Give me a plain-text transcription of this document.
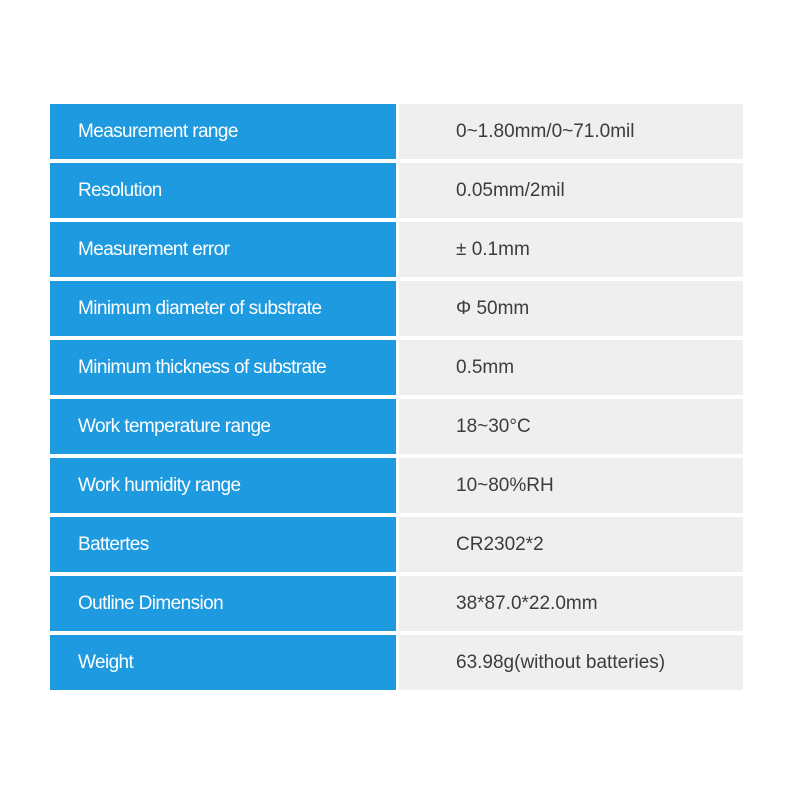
Measurement range	0~1.80mm/0~71.0mil
Resolution	0.05mm/2mil
Measurement error	± 0.1mm
Minimum diameter of substrate	Φ 50mm
Minimum thickness of substrate	0.5mm
Work temperature range	18~30°C
Work humidity range	10~80%RH
Battertes	CR2302*2
Outline Dimension	38*87.0*22.0mm
Weight	63.98g(without batteries)
